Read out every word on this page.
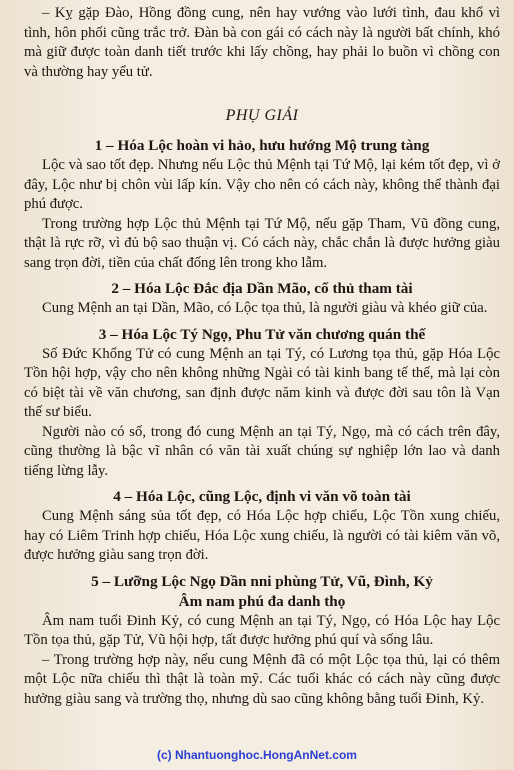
– Kỵ gặp Đào, Hồng đồng cung, nên hay vướng vào lưới tình, đau khổ vì tình, hôn phối cũng trắc trở. Đàn bà con gái có cách này là người bất chính, khó mà giữ được toàn danh tiết trước khi lấy chồng, hay phải lo buồn vì chồng con và thường hay yểu tử.

PHỤ GIẢI
1 – Hóa Lộc hoàn vi hảo, hưu hướng Mộ trung tàng

Lộc và sao tốt đẹp. Nhưng nếu Lộc thủ Mệnh tại Tứ Mộ, lại kém tốt đẹp, vì ở đây, Lộc như bị chôn vùi lấp kín. Vậy cho nên có cách này, không thể thành đại phú được.

Trong trường hợp Lộc thủ Mệnh tại Tứ Mộ, nếu gặp Tham, Vũ đồng cung, thật là rực rỡ, vì đủ bộ sao thuận vị. Có cách này, chắc chắn là được hưởng giàu sang trọn đời, tiền của chất đống lên trong kho lẫm.

2 – Hóa Lộc Đắc địa Dần Mão, cố thủ tham tài

Cung Mệnh an tại Dần, Mão, có Lộc tọa thủ, là người giàu và khéo giữ của.

3 – Hóa Lộc Tý Ngọ, Phu Tử văn chương quán thế

Số Đức Khổng Tử có cung Mệnh an tại Tý, có Lương tọa thủ, gặp Hóa Lộc Tồn hội hợp, vậy cho nên không những Ngài có tài kinh bang tế thế, mà lại còn có biệt tài về văn chương, san định được năm kinh và được đời sau tôn là Vạn thế sư biểu.

Người nào có số, trong đó cung Mệnh an tại Tý, Ngọ, mà có cách trên đây, cũng thường là bậc vĩ nhân có văn tài xuất chúng sự nghiệp lớn lao và danh tiếng lừng lẫy.

4 – Hóa Lộc, cũng Lộc, định vi văn võ toàn tài

Cung Mệnh sáng sủa tốt đẹp, có Hóa Lộc hợp chiếu, Lộc Tồn xung chiếu, hay có Liêm Trinh hợp chiếu, Hóa Lộc xung chiếu, là người có tài kiêm văn võ, được hưởng giàu sang trọn đời.

5 – Lưỡng Lộc Ngọ Dần nni phùng Tử, Vũ, Đình, Kỷ
Âm nam phú đa danh thọ

Âm nam tuổi Đinh Kỷ, có cung Mệnh an tại Tý, Ngọ, có Hóa Lộc hay Lộc Tồn tọa thủ, gặp Tử, Vũ hội hợp, tất được hưởng phú quí và sống lâu.

– Trong trường hợp này, nếu cung Mệnh đã có một Lộc tọa thủ, lại có thêm một Lộc nữa chiếu thì thật là toàn mỹ. Các tuổi khác có cách này cũng được hưởng giàu sang và trường thọ, nhưng dù sao cũng không bằng tuổi Đinh, Kỷ.

(c) Nhantuonghoc.HongAnNet.com
